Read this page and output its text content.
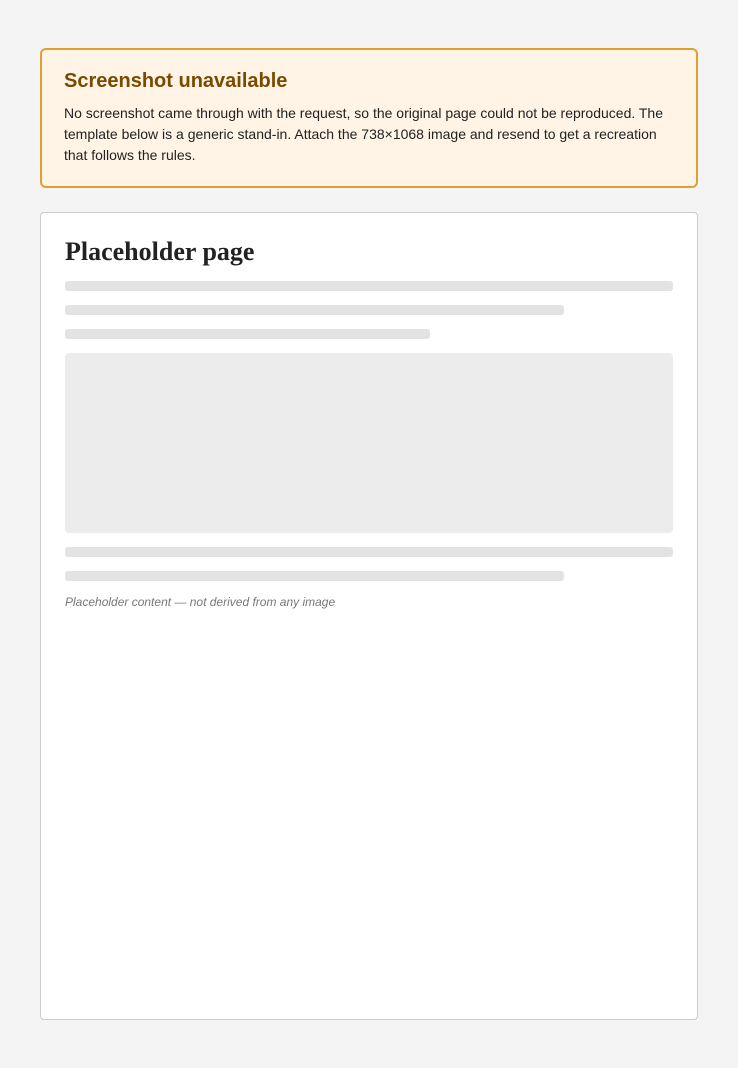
Screenshot unavailable

No screenshot came through with the request, so the original page could not be reproduced. The template below is a generic stand-in. Attach the 738×1068 image and resend to get a recreation that follows the rules.

Placeholder page

Placeholder content — not derived from any image
